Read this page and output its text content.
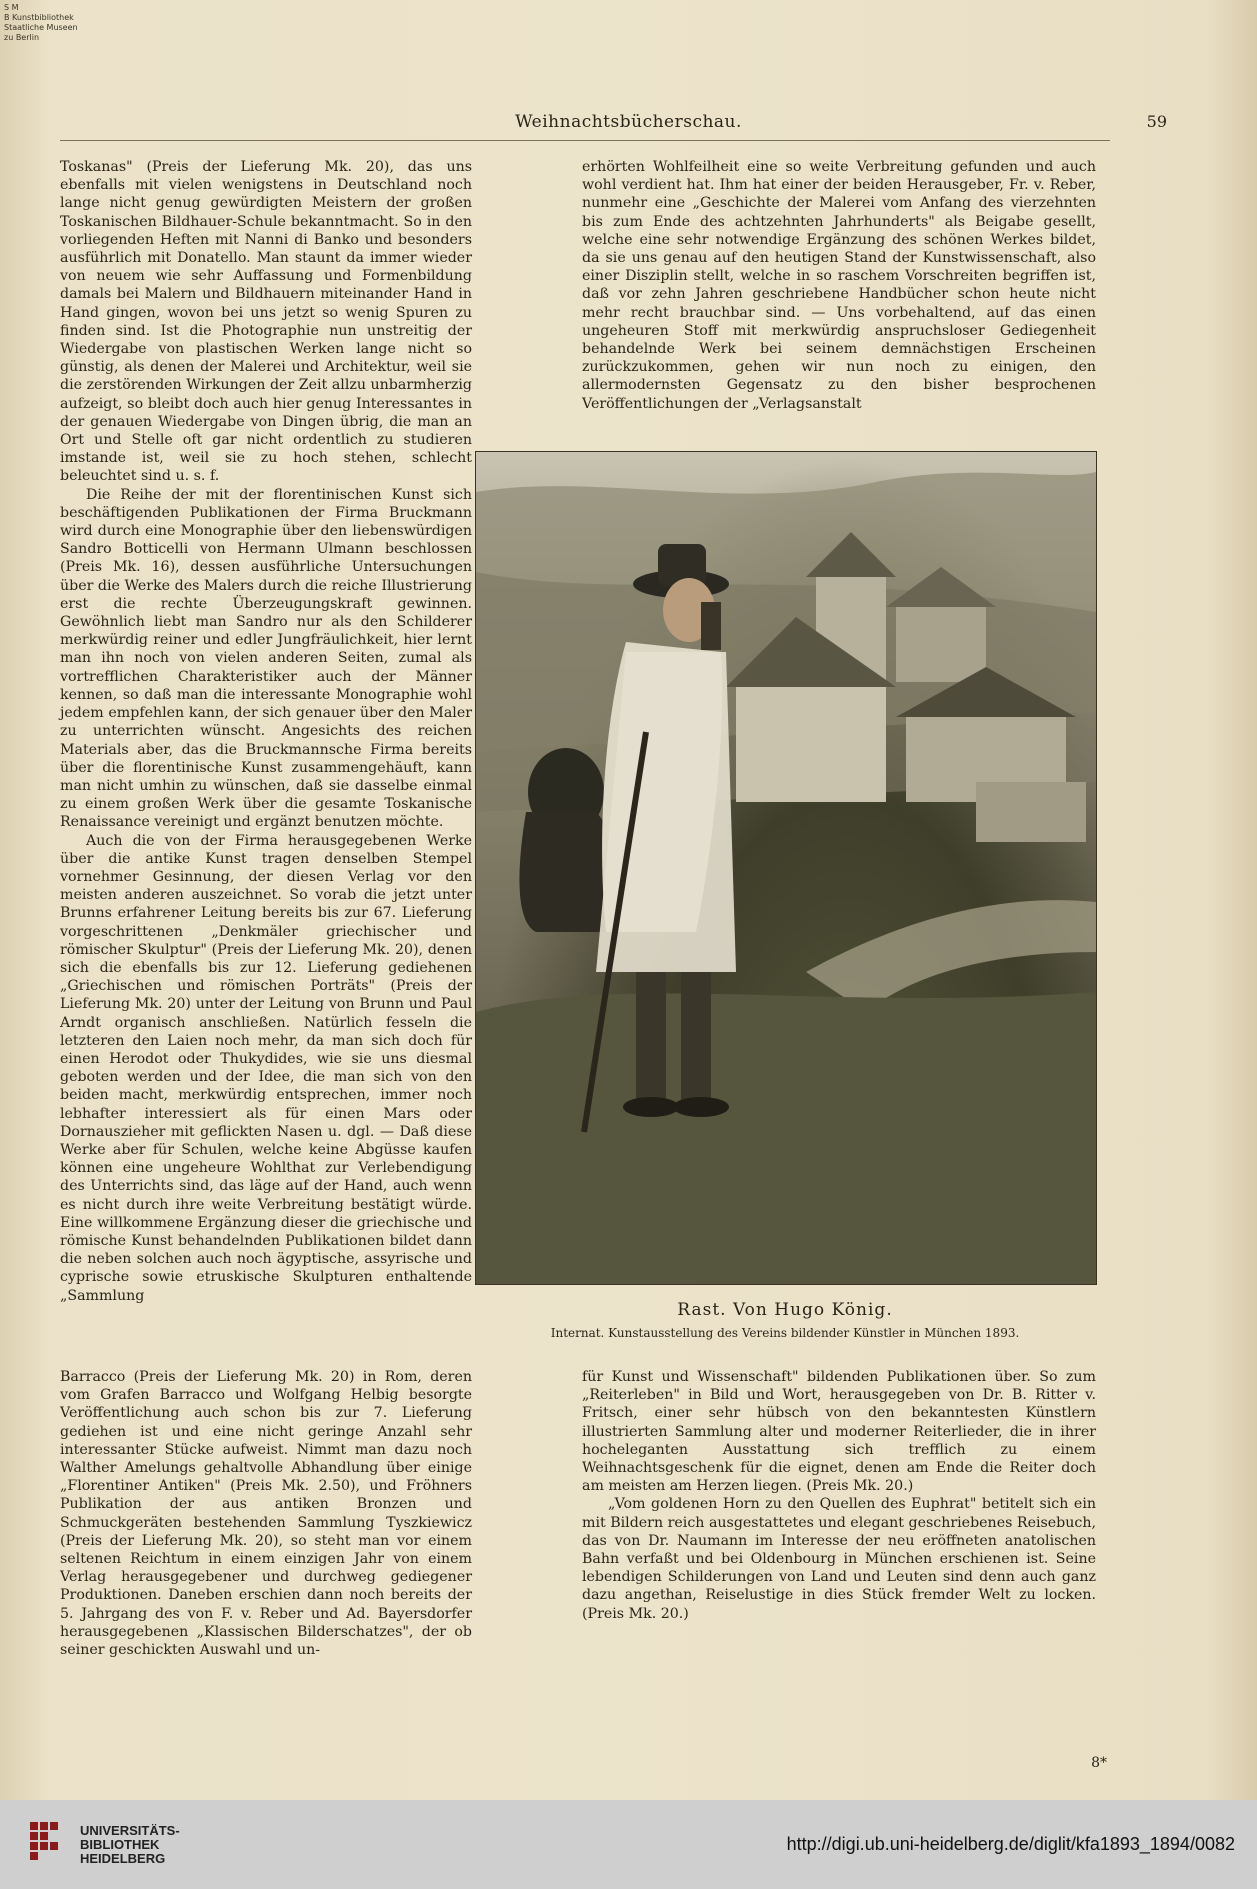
S M
B Kunstbibliothek
Staatliche Museen
zu Berlin
Weihnachtsbücherschau.	59

Toskanas" (Preis der Lieferung Mk. 20), das uns ebenfalls mit vielen wenigstens in Deutschland noch lange nicht genug gewürdigten Meistern der großen Toskanischen Bildhauer-Schule bekanntmacht. So in den vorliegenden Heften mit Nanni di Banko und besonders ausführlich mit Donatello. Man staunt da immer wieder von neuem wie sehr Auffassung und Formenbildung damals bei Malern und Bildhauern miteinander Hand in Hand gingen, wovon bei uns jetzt so wenig Spuren zu finden sind. Ist die Photographie nun unstreitig der Wiedergabe von plastischen Werken lange nicht so günstig, als denen der Malerei und Architektur, weil sie die zerstörenden Wirkungen der Zeit allzu unbarmherzig aufzeigt, so bleibt doch auch hier genug Interessantes in der genauen Wiedergabe von Dingen übrig, die man an Ort und Stelle oft gar nicht ordentlich zu studieren imstande ist, weil sie zu hoch stehen, schlecht beleuchtet sind u. s. f.

Die Reihe der mit der florentinischen Kunst sich beschäftigenden Publikationen der Firma Bruckmann wird durch eine Monographie über den liebenswürdigen Sandro Botticelli von Hermann Ulmann beschlossen (Preis Mk. 16), dessen ausführliche Untersuchungen über die Werke des Malers durch die reiche Illustrierung erst die rechte Überzeugungskraft gewinnen. Gewöhnlich liebt man Sandro nur als den Schilderer merkwürdig reiner und edler Jungfräulichkeit, hier lernt man ihn noch von vielen anderen Seiten, zumal als vortrefflichen Charakteristiker auch der Männer kennen, so daß man die interessante Monographie wohl jedem empfehlen kann, der sich genauer über den Maler zu unterrichten wünscht. Angesichts des reichen Materials aber, das die Bruckmannsche Firma bereits über die florentinische Kunst zusammengehäuft, kann man nicht umhin zu wünschen, daß sie dasselbe einmal zu einem großen Werk über die gesamte Toskanische Renaissance vereinigt und ergänzt benutzen möchte.

Auch die von der Firma herausgegebenen Werke über die antike Kunst tragen denselben Stempel vornehmer Gesinnung, der diesen Verlag vor den meisten anderen auszeichnet. So vorab die jetzt unter Brunns erfahrener Leitung bereits bis zur 67. Lieferung vorgeschrittenen „Denkmäler griechischer und römischer Skulptur" (Preis der Lieferung Mk. 20), denen sich die ebenfalls bis zur 12. Lieferung gediehenen „Griechischen und römischen Porträts" (Preis der Lieferung Mk. 20) unter der Leitung von Brunn und Paul Arndt organisch anschließen. Natürlich fesseln die letzteren den Laien noch mehr, da man sich doch für einen Herodot oder Thukydides, wie sie uns diesmal geboten werden und der Idee, die man sich von den beiden macht, merkwürdig entsprechen, immer noch lebhafter interessiert als für einen Mars oder Dornauszieher mit geflickten Nasen u. dgl. — Daß diese Werke aber für Schulen, welche keine Abgüsse kaufen können eine ungeheure Wohlthat zur Verlebendigung des Unterrichts sind, das läge auf der Hand, auch wenn es nicht durch ihre weite Verbreitung bestätigt würde. Eine willkommene Ergänzung dieser die griechische und römische Kunst behandelnden Publikationen bildet dann die neben solchen auch noch ägyptische, assyrische und cyprische sowie etruskische Skulpturen enthaltende „Sammlung

erhörten Wohlfeilheit eine so weite Verbreitung gefunden und auch wohl verdient hat. Ihm hat einer der beiden Herausgeber, Fr. v. Reber, nunmehr eine „Geschichte der Malerei vom Anfang des vierzehnten bis zum Ende des achtzehnten Jahrhunderts" als Beigabe gesellt, welche eine sehr notwendige Ergänzung des schönen Werkes bildet, da sie uns genau auf den heutigen Stand der Kunstwissenschaft, also einer Disziplin stellt, welche in so raschem Vorschreiten begriffen ist, daß vor zehn Jahren geschriebene Handbücher schon heute nicht mehr recht brauchbar sind. — Uns vorbehaltend, auf das einen ungeheuren Stoff mit merkwürdig anspruchsloser Gediegenheit behandelnde Werk bei seinem demnächstigen Erscheinen zurückzukommen, gehen wir nun noch zu einigen, den allermodernsten Gegensatz zu den bisher besprochenen Veröffentlichungen der „Verlagsanstalt

Rast. Von Hugo König.
Internat. Kunstausstellung des Vereins bildender Künstler in München 1893.

Barracco (Preis der Lieferung Mk. 20) in Rom, deren vom Grafen Barracco und Wolfgang Helbig besorgte Veröffentlichung auch schon bis zur 7. Lieferung gediehen ist und eine nicht geringe Anzahl sehr interessanter Stücke aufweist. Nimmt man dazu noch Walther Amelungs gehaltvolle Abhandlung über einige „Florentiner Antiken" (Preis Mk. 2.50), und Fröhners Publikation der aus antiken Bronzen und Schmuckgeräten bestehenden Sammlung Tyszkiewicz (Preis der Lieferung Mk. 20), so steht man vor einem seltenen Reichtum in einem einzigen Jahr von einem Verlag herausgegebener und durchweg gediegener Produktionen. Daneben erschien dann noch bereits der 5. Jahrgang des von F. v. Reber und Ad. Bayersdorfer herausgegebenen „Klassischen Bilderschatzes", der ob seiner geschickten Auswahl und un-

für Kunst und Wissenschaft" bildenden Publikationen über. So zum „Reiterleben" in Bild und Wort, herausgegeben von Dr. B. Ritter v. Fritsch, einer sehr hübsch von den bekanntesten Künstlern illustrierten Sammlung alter und moderner Reiterlieder, die in ihrer hocheleganten Ausstattung sich trefflich zu einem Weihnachtsgeschenk für die eignet, denen am Ende die Reiter doch am meisten am Herzen liegen. (Preis Mk. 20.)

„Vom goldenen Horn zu den Quellen des Euphrat" betitelt sich ein mit Bildern reich ausgestattetes und elegant geschriebenes Reisebuch, das von Dr. Naumann im Interesse der neu eröffneten anatolischen Bahn verfaßt und bei Oldenbourg in München erschienen ist. Seine lebendigen Schilderungen von Land und Leuten sind denn auch ganz dazu angethan, Reiselustige in dies Stück fremder Welt zu locken. (Preis Mk. 20.)

8*
UNIVERSITÄTS-
BIBLIOTHEK
HEIDELBERG
http://digi.ub.uni-heidelberg.de/diglit/kfa1893_1894/0082
